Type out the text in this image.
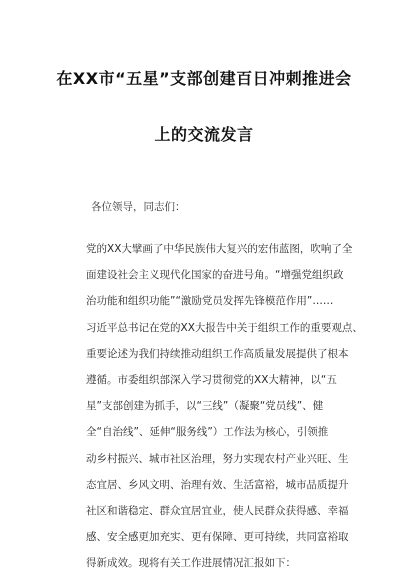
在XX市“五星”支部创建百日冲刺推进会
上的交流发言
各位领导，同志们：
党的XX大擘画了中华民族伟大复兴的宏伟蓝图，吹响了全
面建设社会主义现代化国家的奋进号角。“增强党组织政
治功能和组织功能”“激励党员发挥先锋模范作用”……
习近平总书记在党的XX大报告中关于组织工作的重要观点、
重要论述为我们持续推动组织工作高质量发展提供了根本
遵循。市委组织部深入学习贯彻党的XX大精神，以“五
星”支部创建为抓手，以“三线”（凝聚“党员线”、健
全“自治线”、延伸“服务线”）工作法为核心，引领推
动乡村振兴、城市社区治理，努力实现农村产业兴旺、生
态宜居、乡风文明、治理有效、生活富裕，城市品质提升
社区和谐稳定、群众宜居宜业，使人民群众获得感、幸福
感、安全感更加充实、更有保障、更可持续，共同富裕取
得新成效。现将有关工作进展情况汇报如下：
